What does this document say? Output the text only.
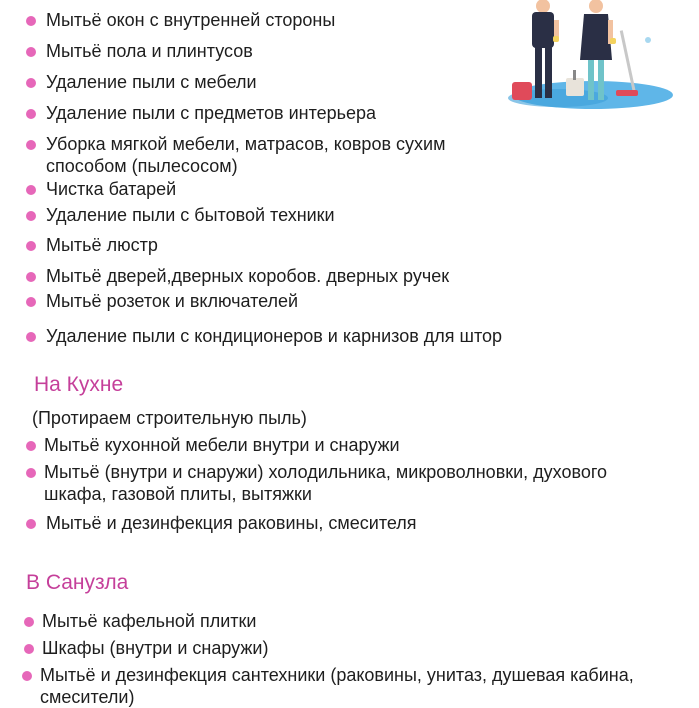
Мытьё окон с внутренней стороны
Мытьё пола и плинтусов
Удаление пыли с мебели
Удаление пыли с предметов интерьера
Уборка мягкой мебели, матрасов, ковров сухим
способом (пылесосом)
Чистка батарей
Удаление пыли с бытовой техники
Мытьё люстр
Мытьё дверей,дверных коробов. дверных ручек
Мытьё розеток и включателей
Удаление пыли с кондиционеров и карнизов для штор
На Кухне
(Протираем строительную пыль)
Мытьё кухонной мебели внутри и снаружи
Мытьё (внутри и снаружи) холодильника, микроволновки, духового
шкафа, газовой плиты, вытяжки
Мытьё и дезинфекция раковины, смесителя
В Санузла
Мытьё кафельной плитки
Шкафы (внутри и снаружи)
Мытьё и дезинфекция сантехники (раковины, унитаз, душевая кабина,
смесители)
